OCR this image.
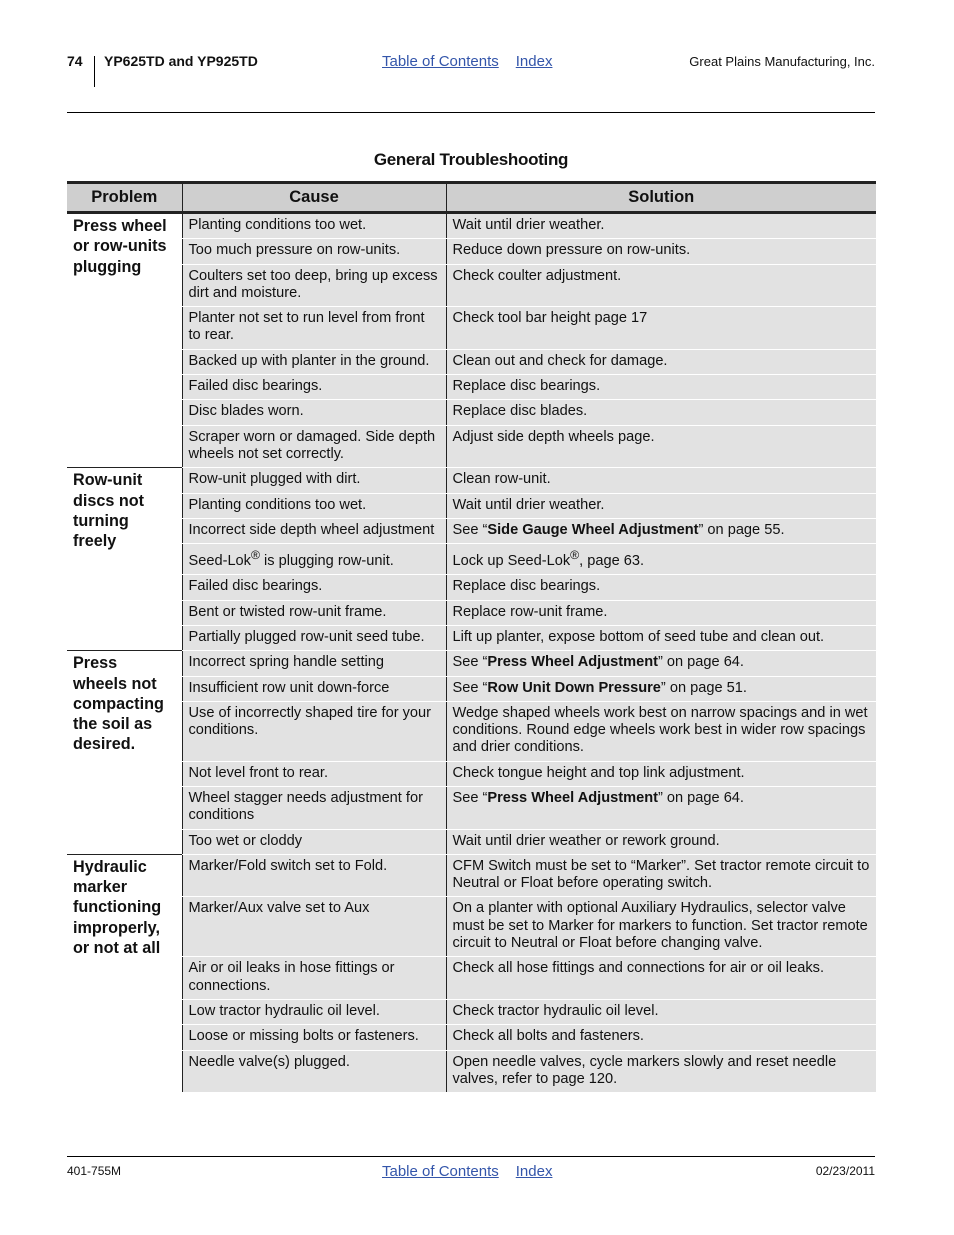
74 YP625TD and YP925TD	Table of Contents Index	Great Plains Manufacturing, Inc.
General Troubleshooting
Problem	Cause	Solution
Press wheel or row-units plugging	Planting conditions too wet.	Wait until drier weather.
	Too much pressure on row-units.	Reduce down pressure on row-units.
	Coulters set too deep, bring up excess dirt and moisture.	Check coulter adjustment.
	Planter not set to run level from front to rear.	Check tool bar height page 17
	Backed up with planter in the ground.	Clean out and check for damage.
	Failed disc bearings.	Replace disc bearings.
	Disc blades worn.	Replace disc blades.
	Scraper worn or damaged. Side depth wheels not set correctly.	Adjust side depth wheels page.
Row-unit discs not turning freely	Row-unit plugged with dirt.	Clean row-unit.
	Planting conditions too wet.	Wait until drier weather.
	Incorrect side depth wheel adjustment	See “Side Gauge Wheel Adjustment” on page 55.
	Seed-Lok® is plugging row-unit.	Lock up Seed-Lok®, page 63.
	Failed disc bearings.	Replace disc bearings.
	Bent or twisted row-unit frame.	Replace row-unit frame.
	Partially plugged row-unit seed tube.	Lift up planter, expose bottom of seed tube and clean out.
Press wheels not compacting the soil as desired.	Incorrect spring handle setting	See “Press Wheel Adjustment” on page 64.
	Insufficient row unit down-force	See “Row Unit Down Pressure” on page 51.
	Use of incorrectly shaped tire for your conditions.	Wedge shaped wheels work best on narrow spacings and in wet conditions. Round edge wheels work best in wider row spacings and drier conditions.
	Not level front to rear.	Check tongue height and top link adjustment.
	Wheel stagger needs adjustment for conditions	See “Press Wheel Adjustment” on page 64.
	Too wet or cloddy	Wait until drier weather or rework ground.
Hydraulic marker functioning improperly, or not at all	Marker/Fold switch set to Fold.	CFM Switch must be set to “Marker”. Set tractor remote circuit to Neutral or Float before operating switch.
	Marker/Aux valve set to Aux	On a planter with optional Auxiliary Hydraulics, selector valve must be set to Marker for markers to function. Set tractor remote circuit to Neutral or Float before changing valve.
	Air or oil leaks in hose fittings or connections.	Check all hose fittings and connections for air or oil leaks.
	Low tractor hydraulic oil level.	Check tractor hydraulic oil level.
	Loose or missing bolts or fasteners.	Check all bolts and fasteners.
	Needle valve(s) plugged.	Open needle valves, cycle markers slowly and reset needle valves, refer to page 120.
401-755M	Table of Contents Index	02/23/2011
